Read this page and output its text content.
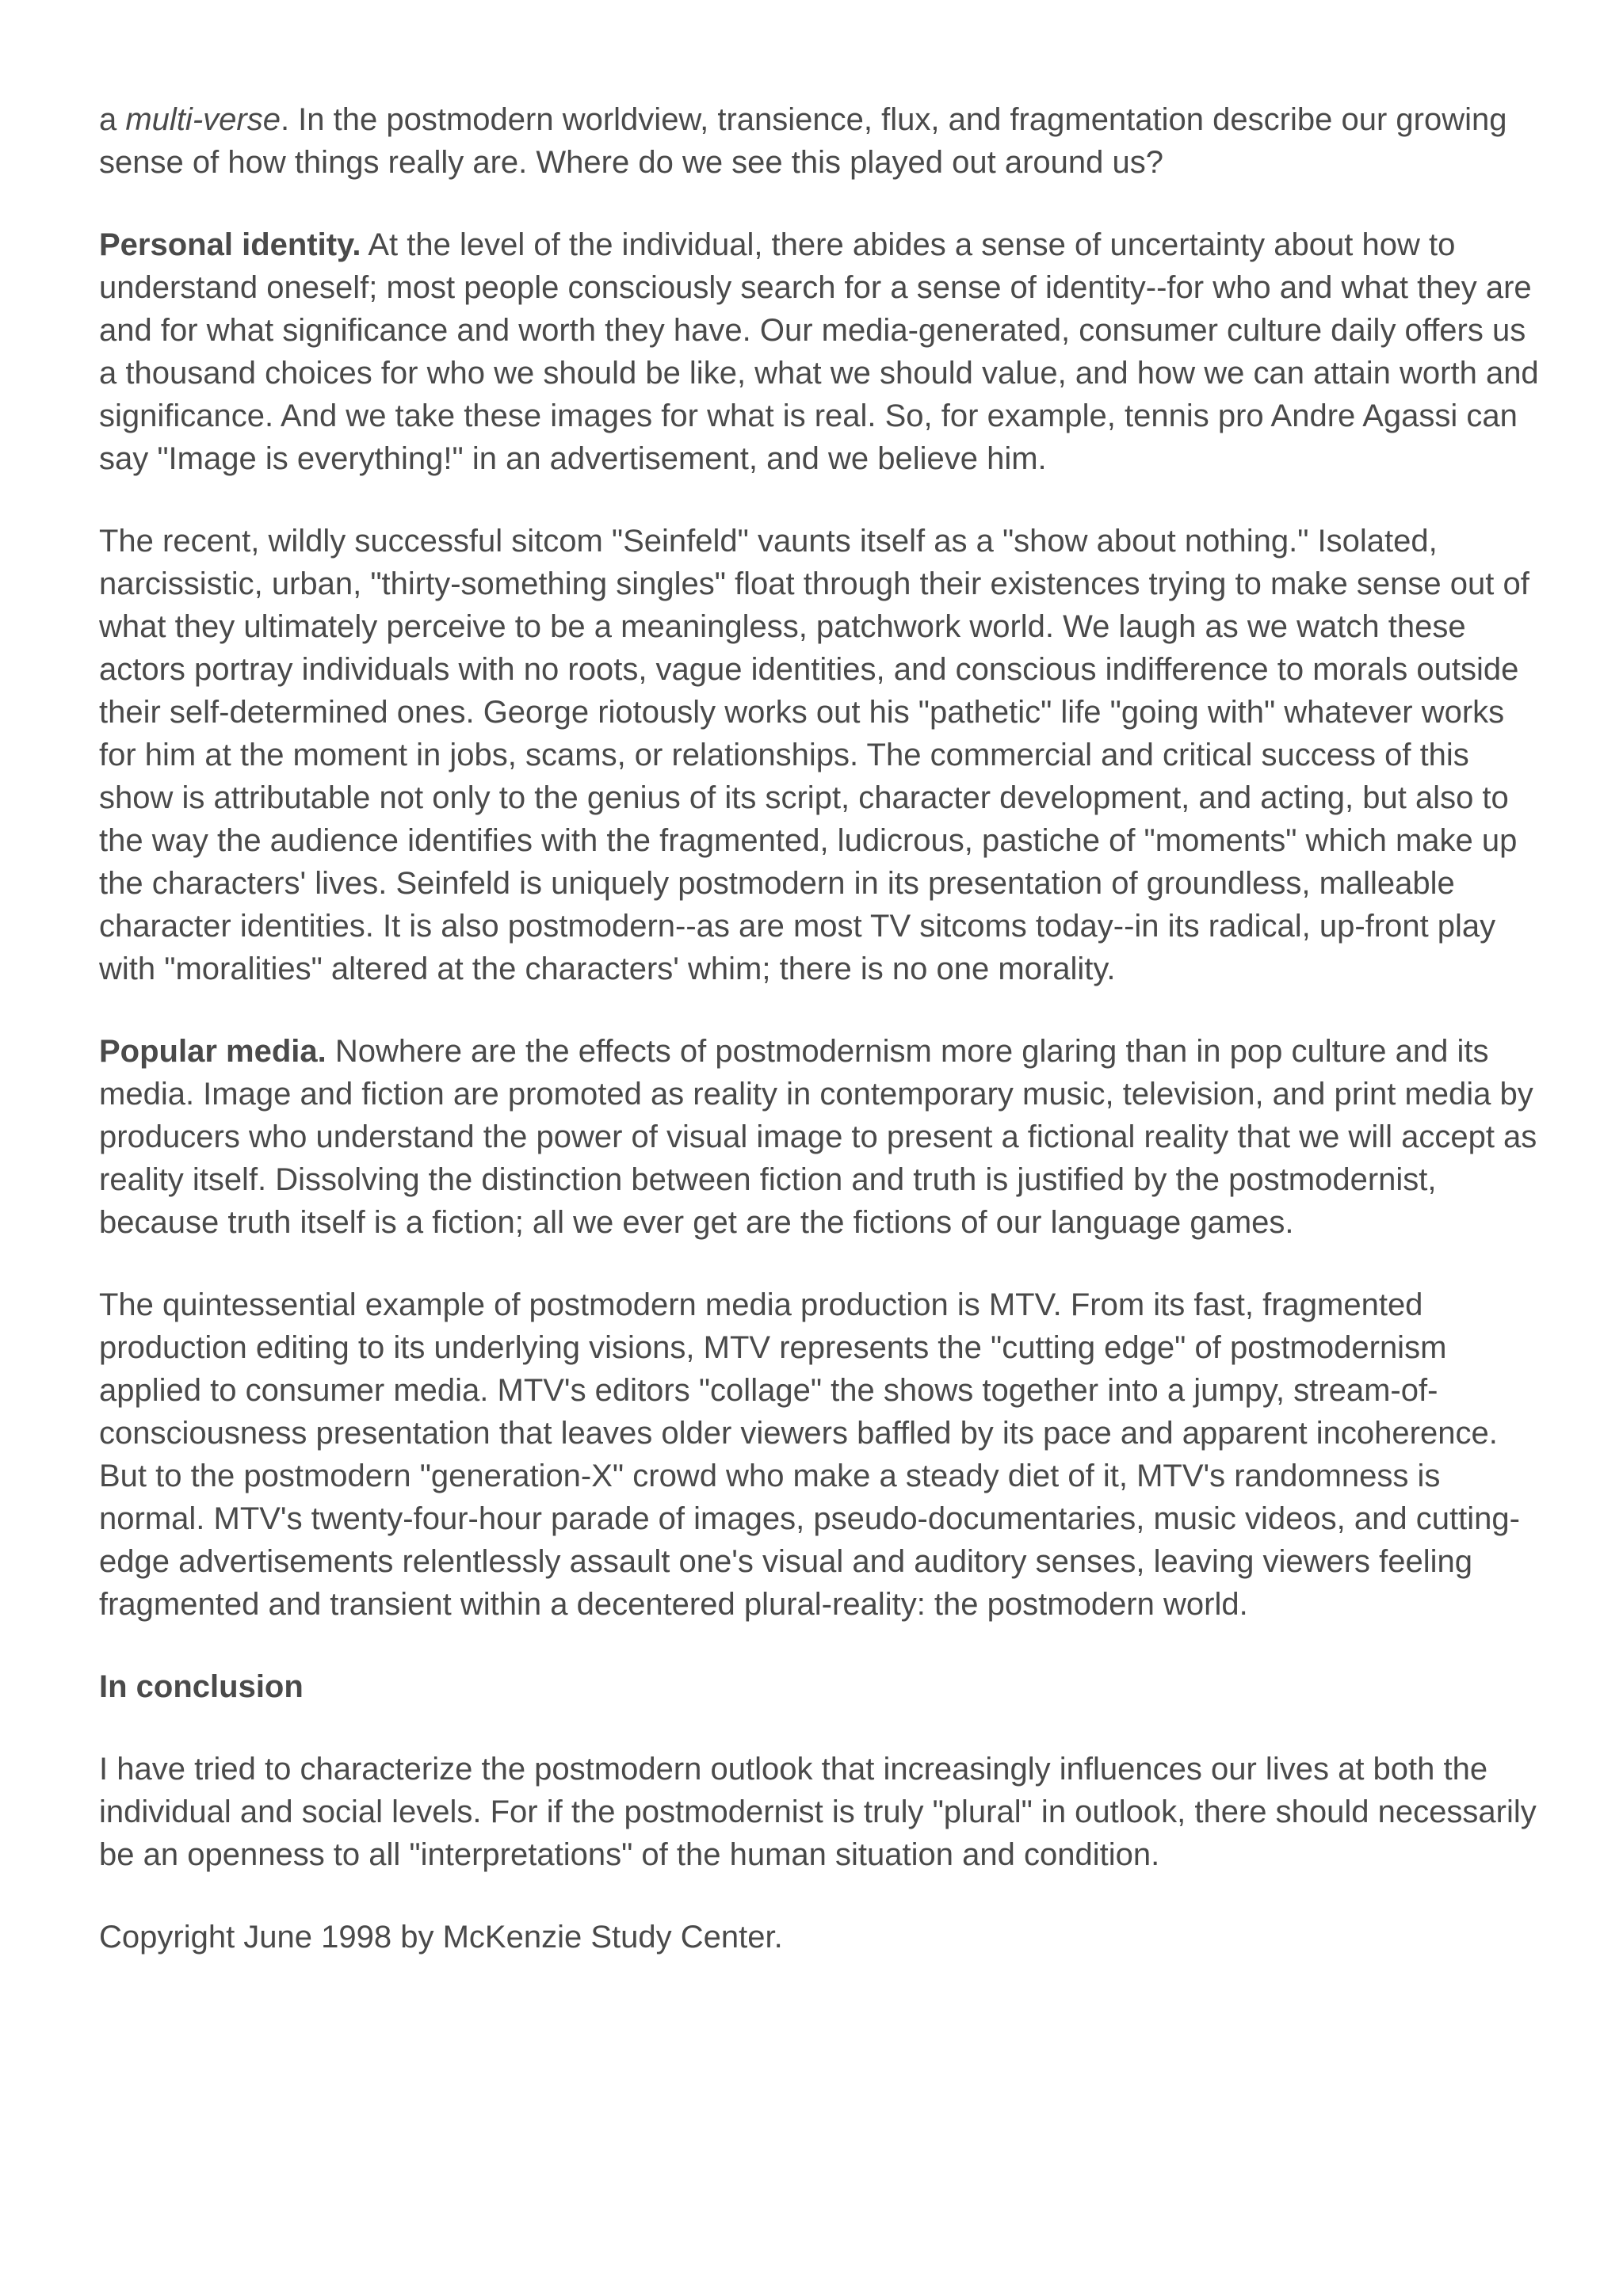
a multi-verse. In the postmodern worldview, transience, flux, and fragmentation describe our growing sense of how things really are. Where do we see this played out around us?

Personal identity. At the level of the individual, there abides a sense of uncertainty about how to understand oneself; most people consciously search for a sense of identity--for who and what they are and for what significance and worth they have. Our media-generated, consumer culture daily offers us a thousand choices for who we should be like, what we should value, and how we can attain worth and significance. And we take these images for what is real. So, for example, tennis pro Andre Agassi can say "Image is everything!" in an advertisement, and we believe him.

The recent, wildly successful sitcom "Seinfeld" vaunts itself as a "show about nothing." Isolated, narcissistic, urban, "thirty-something singles" float through their existences trying to make sense out of what they ultimately perceive to be a meaningless, patchwork world. We laugh as we watch these actors portray individuals with no roots, vague identities, and conscious indifference to morals outside their self-determined ones. George riotously works out his "pathetic" life "going with" whatever works for him at the moment in jobs, scams, or relationships. The commercial and critical success of this show is attributable not only to the genius of its script, character development, and acting, but also to the way the audience identifies with the fragmented, ludicrous, pastiche of "moments" which make up the characters' lives. Seinfeld is uniquely postmodern in its presentation of groundless, malleable character identities. It is also postmodern--as are most TV sitcoms today--in its radical, up-front play with "moralities" altered at the characters' whim; there is no one morality.

Popular media. Nowhere are the effects of postmodernism more glaring than in pop culture and its media. Image and fiction are promoted as reality in contemporary music, television, and print media by producers who understand the power of visual image to present a fictional reality that we will accept as reality itself. Dissolving the distinction between fiction and truth is justified by the postmodernist, because truth itself is a fiction; all we ever get are the fictions of our language games.

The quintessential example of postmodern media production is MTV. From its fast, fragmented production editing to its underlying visions, MTV represents the "cutting edge" of postmodernism applied to consumer media. MTV's editors "collage" the shows together into a jumpy, stream-of-consciousness presentation that leaves older viewers baffled by its pace and apparent incoherence. But to the postmodern "generation-X" crowd who make a steady diet of it, MTV's randomness is normal. MTV's twenty-four-hour parade of images, pseudo-documentaries, music videos, and cutting-edge advertisements relentlessly assault one's visual and auditory senses, leaving viewers feeling fragmented and transient within a decentered plural-reality: the postmodern world.

In conclusion

I have tried to characterize the postmodern outlook that increasingly influences our lives at both the individual and social levels. For if the postmodernist is truly "plural" in outlook, there should necessarily be an openness to all "interpretations" of the human situation and condition.

Copyright June 1998 by McKenzie Study Center.
